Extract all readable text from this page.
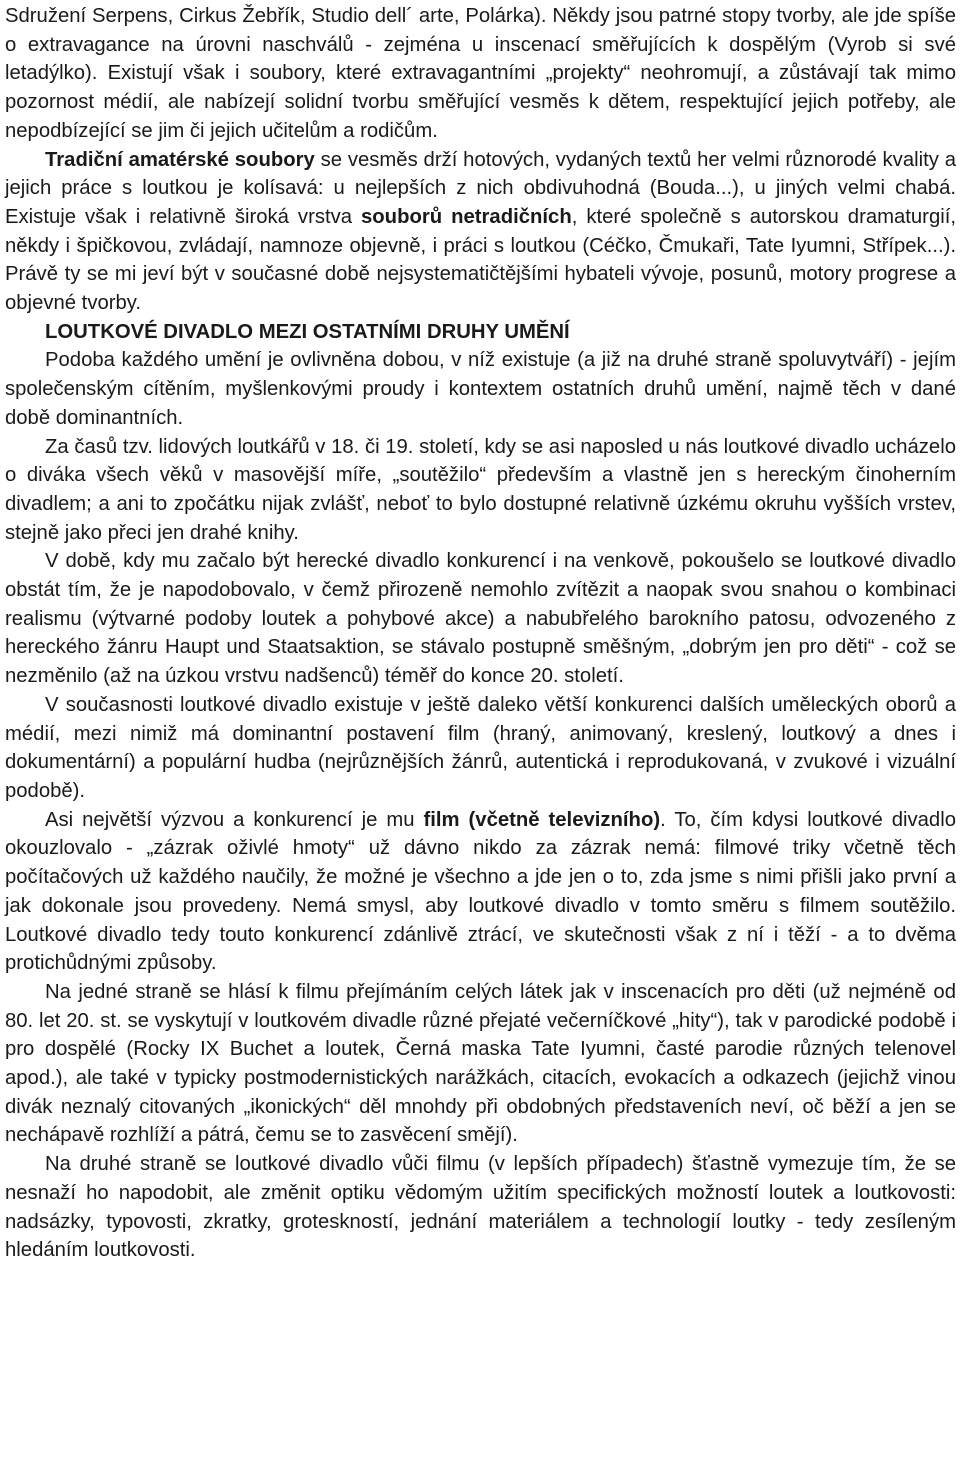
Sdružení Serpens, Cirkus Žebřík, Studio dell´ arte, Polárka). Někdy jsou patrné stopy tvorby, ale jde spíše o extravagance na úrovni naschválů - zejména u inscenací směřujících k dospělým (Vyrob si své letadýlko). Existují však i soubory, které extravagantními „projekty“ neohromují, a zůstávají tak mimo pozornost médií, ale nabízejí solidní tvorbu směřující vesměs k dětem, respektující jejich potřeby, ale nepodbízející se jim či jejich učitelům a rodičům.

Tradiční amatérské soubory se vesměs drží hotových, vydaných textů her velmi různorodé kvality a jejich práce s loutkou je kolísavá: u nejlepších z nich obdivuhodná (Bouda...), u jiných velmi chabá. Existuje však i relativně široká vrstva souborů netradičních, které společně s autorskou dramaturgií, někdy i špičkovou, zvládají, namnoze objevně, i práci s loutkou (Céčko, Čmukaři, Tate Iyumni, Střípek...). Právě ty se mi jeví být v současné době nejsystematičtějšími hybateli vývoje, posunů, motory progrese a objevné tvorby.

LOUTKOVÉ DIVADLO MEZI OSTATNÍMI DRUHY UMĚNÍ

Podoba každého umění je ovlivněna dobou, v níž existuje (a již na druhé straně spoluvytváří) - jejím společenským cítěním, myšlenkovými proudy i kontextem ostatních druhů umění, najmě těch v dané době dominantních.

Za časů tzv. lidových loutkářů v 18. či 19. století, kdy se asi naposled u nás loutkové divadlo ucházelo o diváka všech věků v masovější míře, „soutěžilo“ především a vlastně jen s hereckým činoherním divadlem; a ani to zpočátku nijak zvlášť, neboť to bylo dostupné relativně úzkému okruhu vyšších vrstev, stejně jako přeci jen drahé knihy.

V době, kdy mu začalo být herecké divadlo konkurencí i na venkově, pokoušelo se loutkové divadlo obstát tím, že je napodobovalo, v čemž přirozeně nemohlo zvítězit a naopak svou snahou o kombinaci realismu (výtvarné podoby loutek a pohybové akce) a nabubřelého barokního patosu, odvozeného z hereckého žánru Haupt und Staatsaktion, se stávalo postupně směšným, „dobrým jen pro děti“ - což se nezměnilo (až na úzkou vrstvu nadšenců) téměř do konce 20. století.

V současnosti loutkové divadlo existuje v ještě daleko větší konkurenci dalších uměleckých oborů a médií, mezi nimiž má dominantní postavení film (hraný, animovaný, kreslený, loutkový a dnes i dokumentární) a populární hudba (nejrůznějších žánrů, autentická i reprodukovaná, v zvukové i vizuální podobě).

Asi největší výzvou a konkurencí je mu film (včetně televizního). To, čím kdysi loutkové divadlo okouzlovalo - „zázrak oživlé hmoty“ už dávno nikdo za zázrak nemá: filmové triky včetně těch počítačových už každého naučily, že možné je všechno a jde jen o to, zda jsme s nimi přišli jako první a jak dokonale jsou provedeny. Nemá smysl, aby loutkové divadlo v tomto směru s filmem soutěžilo. Loutkové divadlo tedy touto konkurencí zdánlivě ztrácí, ve skutečnosti však z ní i těží - a to dvěma protichůdnými způsoby.

Na jedné straně se hlásí k filmu přejímáním celých látek jak v inscenacích pro děti (už nejméně od 80. let 20. st. se vyskytují v loutkovém divadle různé přejaté večerníčkové „hity“), tak v parodické podobě i pro dospělé (Rocky IX Buchet a loutek, Černá maska Tate Iyumni, časté parodie různých telenovel apod.), ale také v typicky postmodernistických narážkách, citacích, evokacích a odkazech (jejichž vinou divák neznalý citovaných „ikonických“ děl mnohdy při obdobných představeních neví, oč běží a jen se nechápavě rozhlíží a pátrá, čemu se to zasvěcení smějí).

Na druhé straně se loutkové divadlo vůči filmu (v lepších případech) šťastně vymezuje tím, že se nesnaží ho napodobit, ale změnit optiku vědomým užitím specifických možností loutek a loutkovosti: nadsázky, typovosti, zkratky, groteskností, jednání materiálem a technologií loutky - tedy zesíleným hledáním loutkovosti.
